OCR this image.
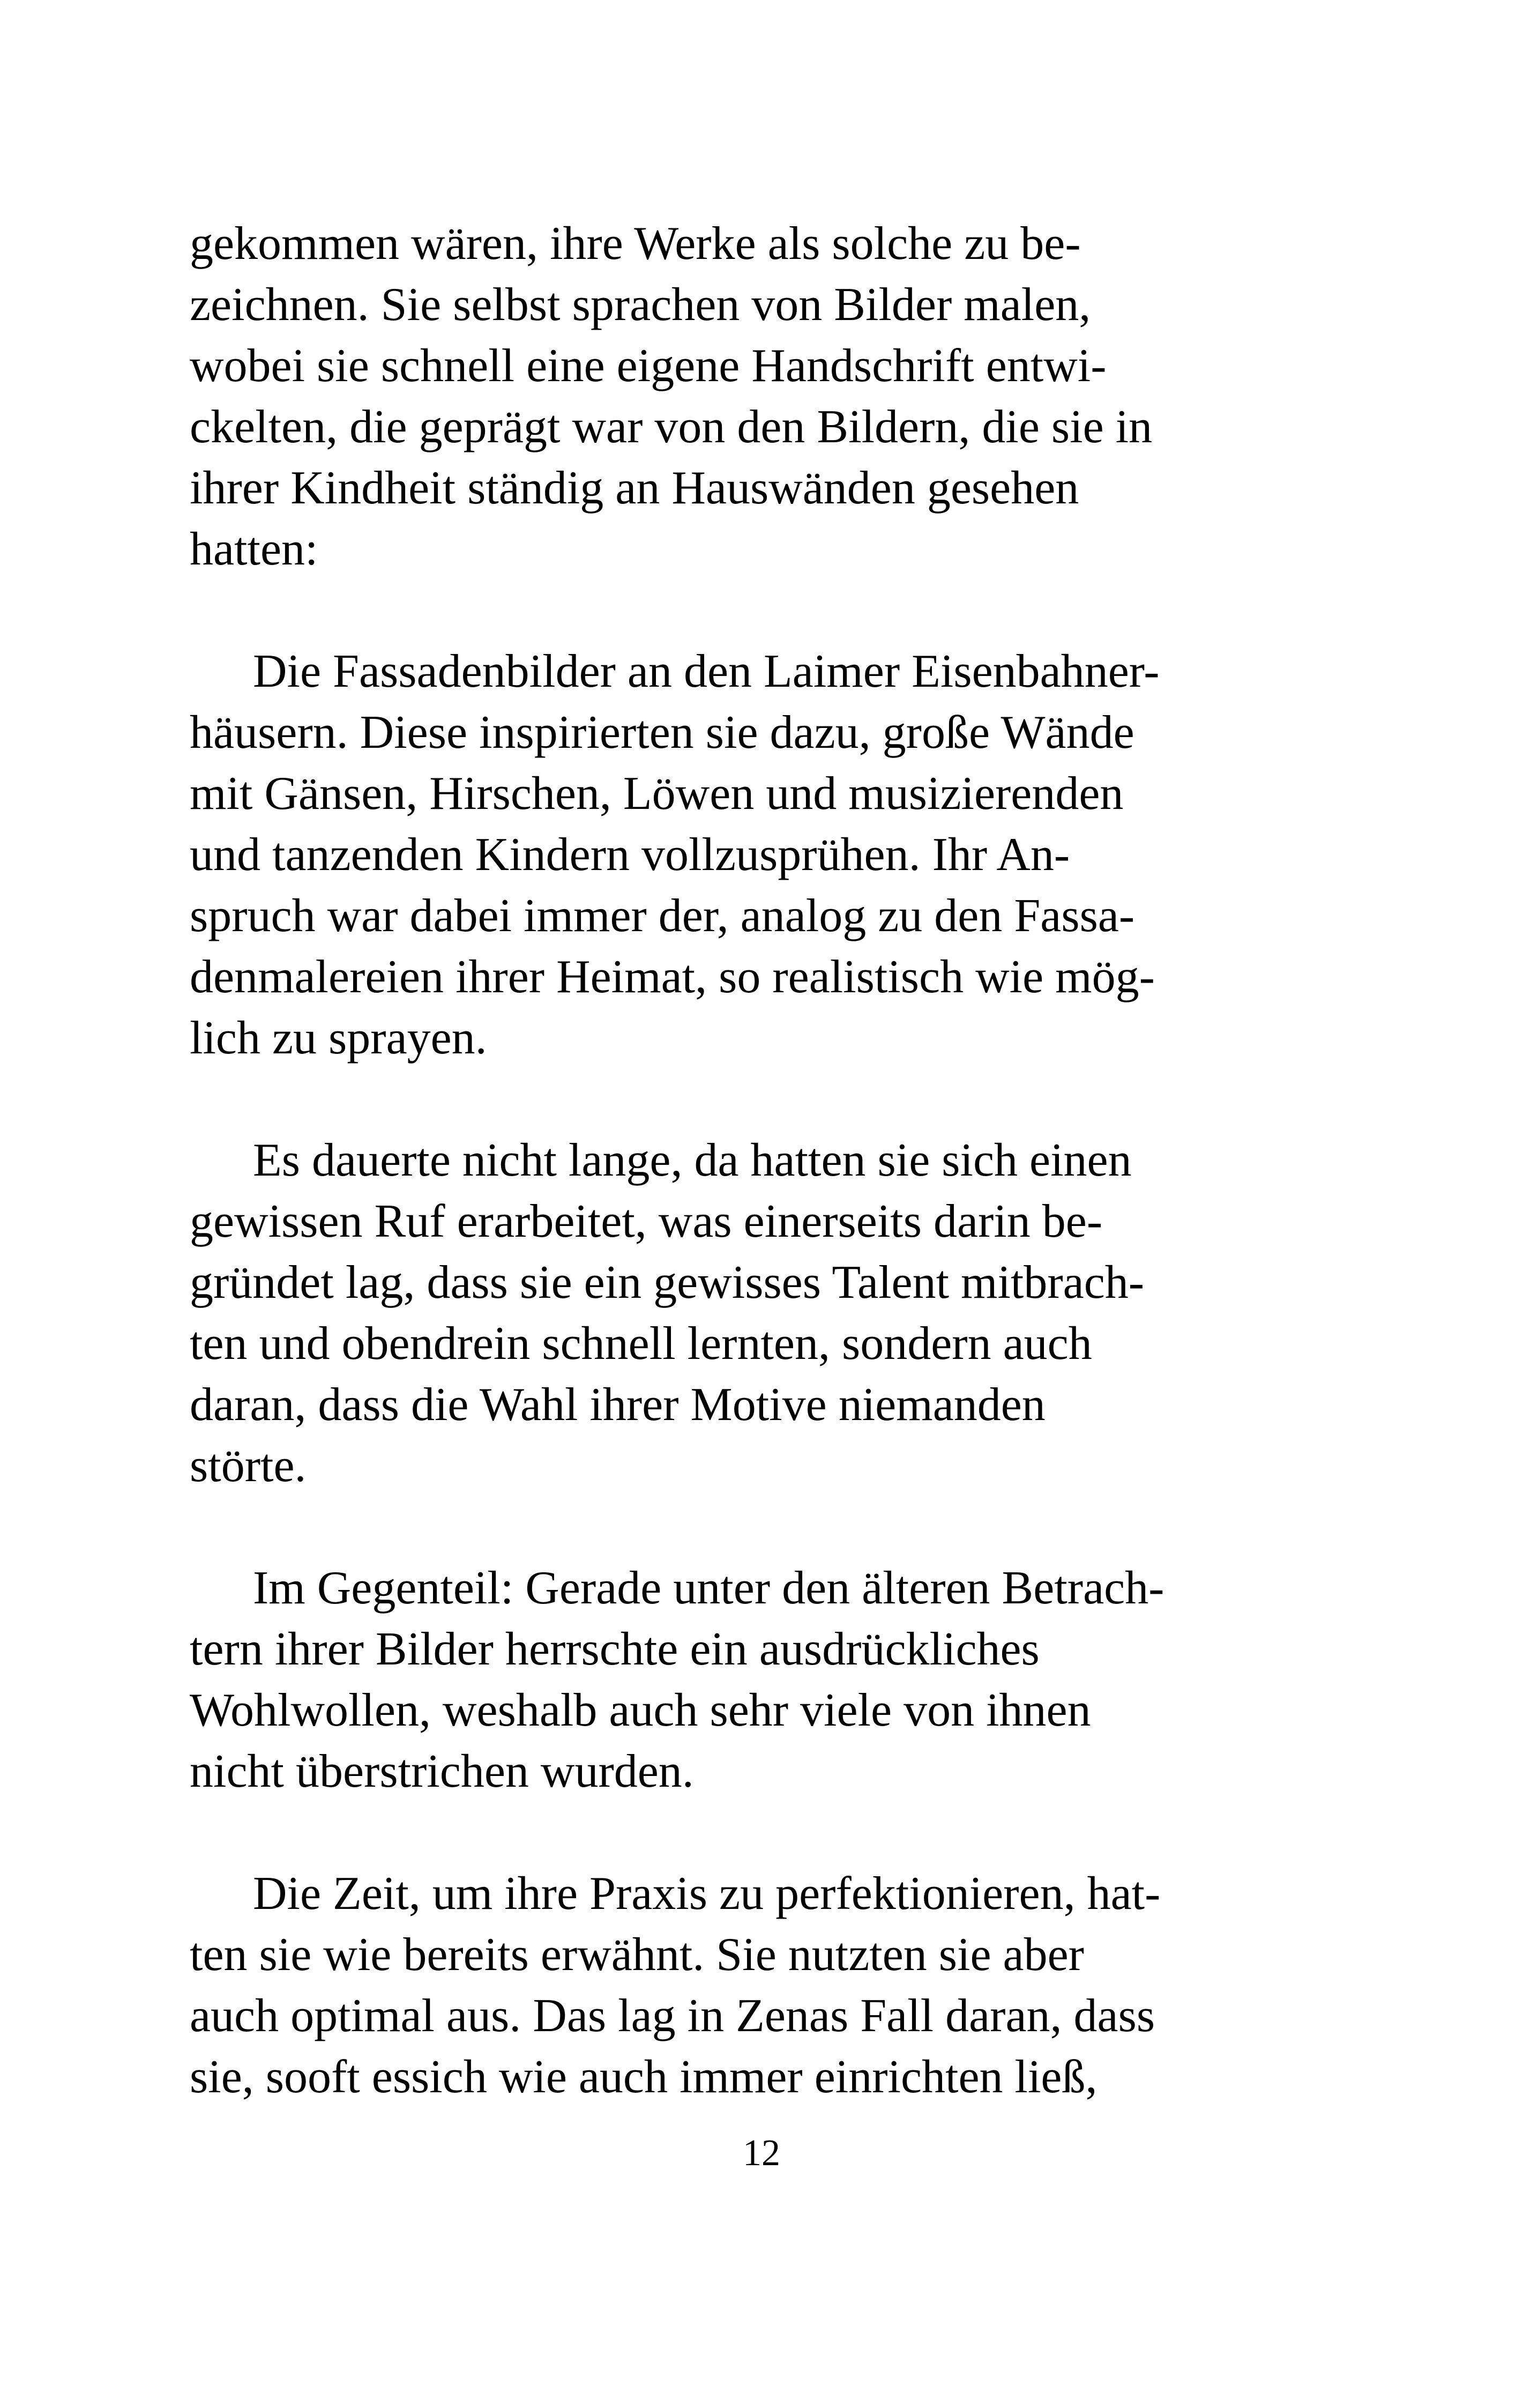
gekommen wären, ihre Werke als solche zu be-
zeichnen. Sie selbst sprachen von Bilder malen,
wobei sie schnell eine eigene Handschrift entwi-
ckelten, die geprägt war von den Bildern, die sie in
ihrer Kindheit ständig an Hauswänden gesehen
hatten:

Die Fassadenbilder an den Laimer Eisenbahner-
häusern. Diese inspirierten sie dazu, große Wände
mit Gänsen, Hirschen, Löwen und musizierenden
und tanzenden Kindern vollzusprühen. Ihr An-
spruch war dabei immer der, analog zu den Fassa-
denmalereien ihrer Heimat, so realistisch wie mög-
lich zu sprayen.

Es dauerte nicht lange, da hatten sie sich einen
gewissen Ruf erarbeitet, was einerseits darin be-
gründet lag, dass sie ein gewisses Talent mitbrach-
ten und obendrein schnell lernten, sondern auch
daran, dass die Wahl ihrer Motive niemanden
störte.

Im Gegenteil: Gerade unter den älteren Betrach-
tern ihrer Bilder herrschte ein ausdrückliches
Wohlwollen, weshalb auch sehr viele von ihnen
nicht überstrichen wurden.

Die Zeit, um ihre Praxis zu perfektionieren, hat-
ten sie wie bereits erwähnt. Sie nutzten sie aber
auch optimal aus. Das lag in Zenas Fall daran, dass
sie, sooft essich wie auch immer einrichten ließ,

12
